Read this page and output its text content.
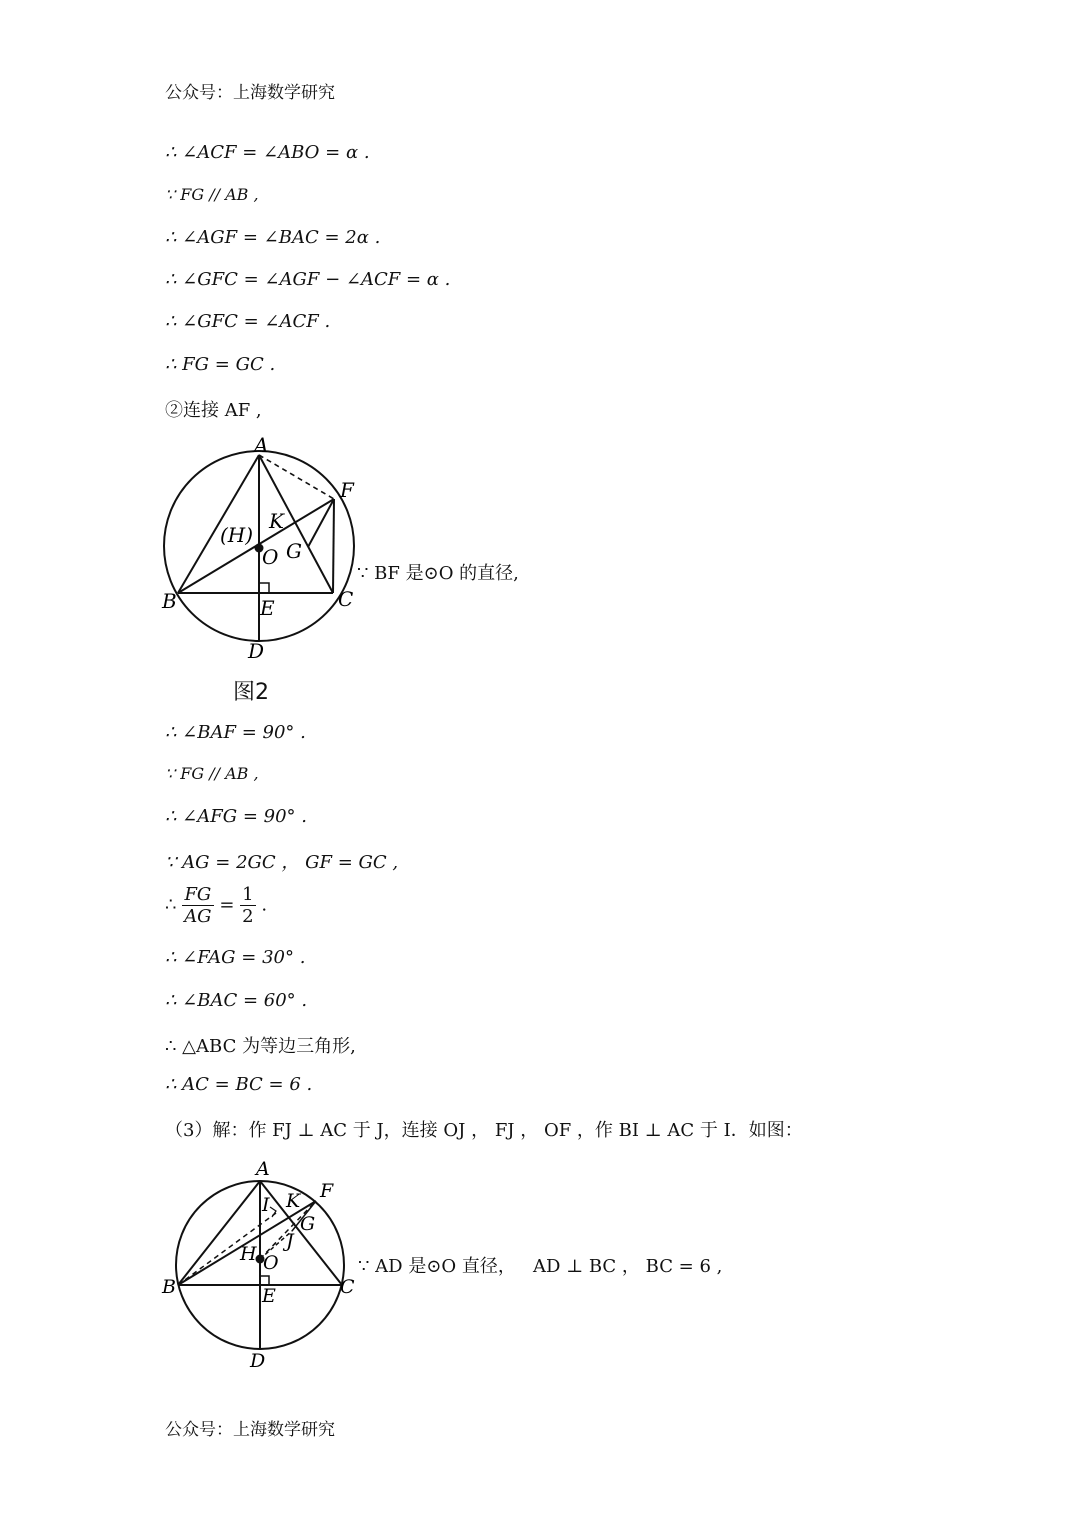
公众号：上海数学研究
∴ ∠ACF = ∠ABO = α .
∵ FG // AB ,
∴ ∠AGF = ∠BAC = 2α .
∴ ∠GFC = ∠AGF − ∠ACF = α .
∴ ∠GFC = ∠ACF .
∴ FG = GC .
②连接 AF ,
A
F
K
(H)
O G
B	E	C
D
∵ BF 是⊙O 的直径,
图2
∴ ∠BAF = 90° .
∵ FG // AB ,
∴ ∠AFG = 90° .
∵ AG = 2GC ， GF = GC ,
∴ $\frac{FG}{AG} = \frac{1}{2}$ .
∴ ∠FAG = 30° .
∴ ∠BAC = 60° .
∴ △ABC 为等边三角形,
∴ AC = BC = 6 .
（3）解：作 FJ ⊥ AC 于 J，连接 OJ ， FJ ， OF ，作 BI ⊥ AC 于 I．如图：
A
F
I K
G
J
H O
B	E	C
D
∵ AD 是⊙O 直径，   AD ⊥ BC ， BC = 6 ,
公众号：上海数学研究
